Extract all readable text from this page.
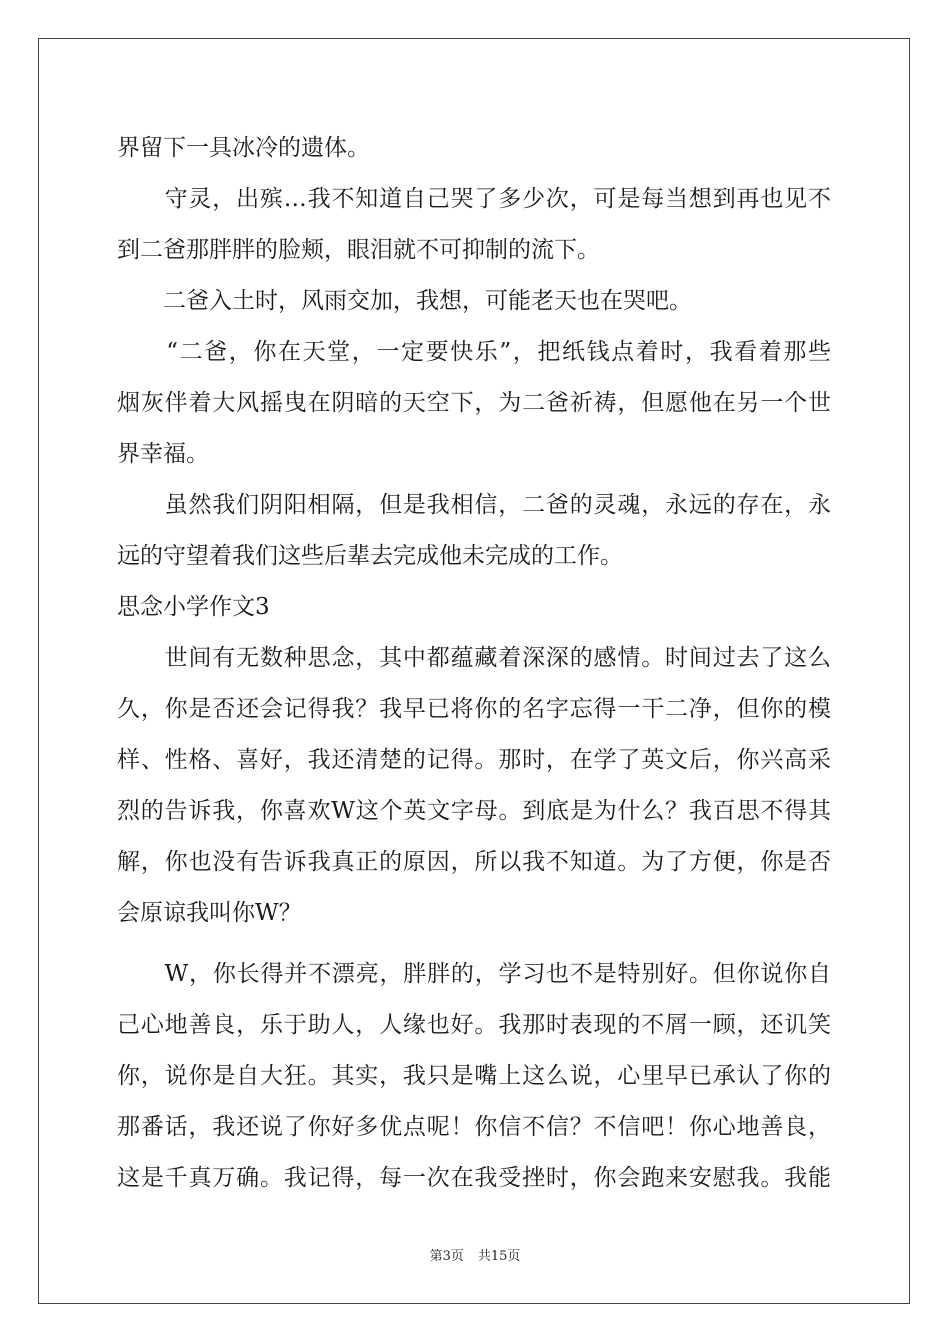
界留下一具冰冷的遗体。
　　守灵，出殡…我不知道自己哭了多少次，可是每当想到再也见不
到二爸那胖胖的脸颊，眼泪就不可抑制的流下。
　　二爸入土时，风雨交加，我想，可能老天也在哭吧。
　　“二爸，你在天堂，一定要快乐”，把纸钱点着时，我看着那些
烟灰伴着大风摇曳在阴暗的天空下，为二爸祈祷，但愿他在另一个世
界幸福。
　　虽然我们阴阳相隔，但是我相信，二爸的灵魂，永远的存在，永
远的守望着我们这些后辈去完成他未完成的工作。
思念小学作文3
　　世间有无数种思念，其中都蕴藏着深深的感情。时间过去了这么
久，你是否还会记得我？我早已将你的名字忘得一干二净，但你的模
样、性格、喜好，我还清楚的记得。那时，在学了英文后，你兴高采
烈的告诉我，你喜欢W这个英文字母。到底是为什么？我百思不得其
解，你也没有告诉我真正的原因，所以我不知道。为了方便，你是否
会原谅我叫你W？
　　W，你长得并不漂亮，胖胖的，学习也不是特别好。但你说你自
己心地善良，乐于助人，人缘也好。我那时表现的不屑一顾，还讥笑
你，说你是自大狂。其实，我只是嘴上这么说，心里早已承认了你的
那番话，我还说了你好多优点呢！你信不信？不信吧！你心地善良，
这是千真万确。我记得，每一次在我受挫时，你会跑来安慰我。我能
第3页 共15页
